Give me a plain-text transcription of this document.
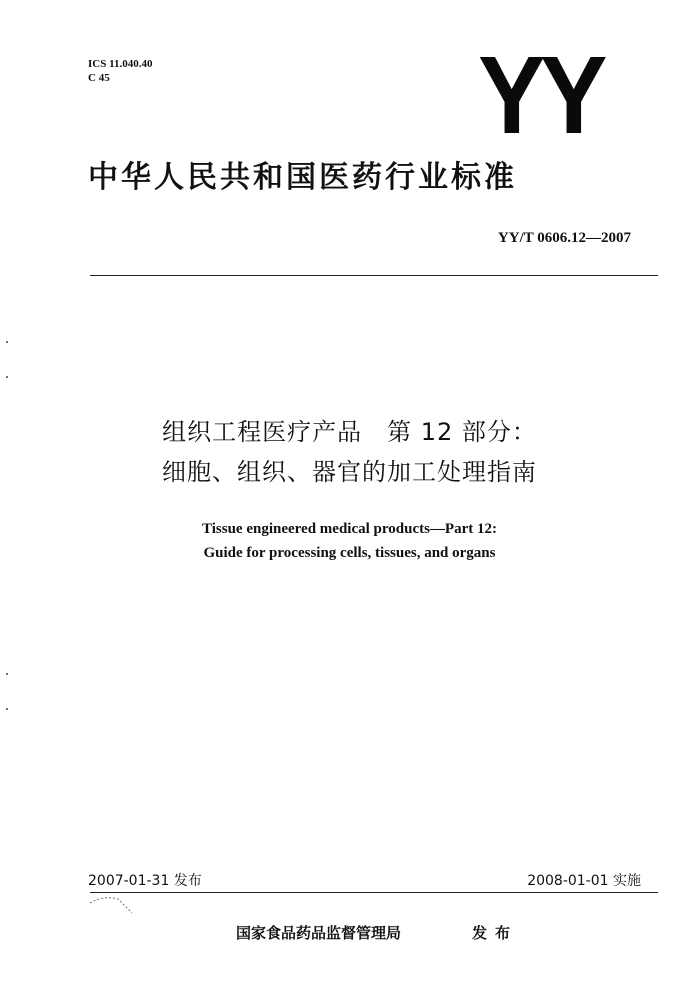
ICS 11.040.40
C 45	YY
中华人民共和国医药行业标准
YY/T 0606.12—2007
组织工程医疗产品　第 12 部分：
细胞、组织、器官的加工处理指南
Tissue engineered medical products—Part 12:
Guide for processing cells, tissues, and organs
2007-01-31 发布	2008-01-01 实施
国家食品药品监督管理局	发布
